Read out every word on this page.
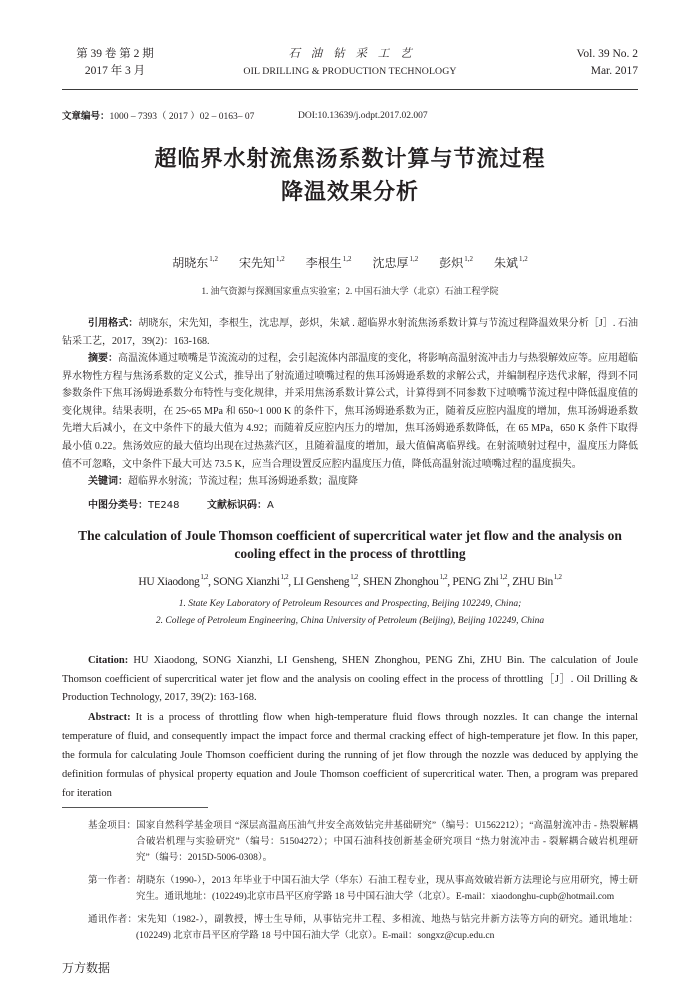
第 39 卷 第 2 期
2017 年 3 月
石 油 钻 采 工 艺
OIL DRILLING & PRODUCTION TECHNOLOGY
Vol. 39 No. 2
Mar. 2017
文章编号：1000 – 7393（ 2017 ）02 – 0163– 07	DOI:10.13639/j.odpt.2017.02.007
超临界水射流焦汤系数计算与节流过程
降温效果分析
胡晓东$^{1,2}$ 宋先知$^{1,2}$ 李根生$^{1,2}$ 沈忠厚$^{1,2}$ 彭炽$^{1,2}$ 朱斌$^{1,2}$
1. 油气资源与探测国家重点实验室；2. 中国石油大学（北京）石油工程学院

引用格式：胡晓东，宋先知，李根生，沈忠厚，彭炽，朱斌 . 超临界水射流焦汤系数计算与节流过程降温效果分析［J］. 石油钻采工艺，2017，39(2)：163-168.

摘要：高温流体通过喷嘴是节流流动的过程，会引起流体内部温度的变化，将影响高温射流冲击力与热裂解效应等。应用超临界水物性方程与焦汤系数的定义公式，推导出了射流通过喷嘴过程的焦耳汤姆逊系数的求解公式，并编制程序迭代求解，得到不同参数条件下焦耳汤姆逊系数分布特性与变化规律，并采用焦汤系数计算公式，计算得到不同参数下过喷嘴节流过程中降低温度值的变化规律。结果表明，在 25~65 MPa 和 650~1 000 K 的条件下，焦耳汤姆逊系数为正，随着反应腔内温度的增加，焦耳汤姆逊系数先增大后减小，在文中条件下的最大值为 4.92；而随着反应腔内压力的增加，焦耳汤姆逊系数降低，在 65 MPa，650 K 条件下取得最小值 0.22。焦汤效应的最大值均出现在过热蒸汽区，且随着温度的增加，最大值偏离临界线。在射流喷射过程中，温度压力降低值不可忽略，文中条件下最大可达 73.5 K，应当合理设置反应腔内温度压力值，降低高温射流过喷嘴过程的温度损失。

关键词：超临界水射流；节流过程；焦耳汤姆逊系数；温度降

中图分类号：TE248	文献标识码：A
The calculation of Joule Thomson coefficient of supercritical water jet flow and the analysis on cooling effect in the process of throttling
HU Xiaodong$^{1,2}$, SONG Xianzhi$^{1,2}$, LI Gensheng$^{1,2}$, SHEN Zhonghou$^{1,2}$, PENG Zhi$^{1,2}$, ZHU Bin$^{1,2}$
1. State Key Laboratory of Petroleum Resources and Prospecting, Beijing 102249, China;
2. College of Petroleum Engineering, China University of Petroleum (Beijing), Beijing 102249, China

Citation: HU Xiaodong, SONG Xianzhi, LI Gensheng, SHEN Zhonghou, PENG Zhi, ZHU Bin. The calculation of Joule Thomson coefficient of supercritical water jet flow and the analysis on cooling effect in the process of throttling［J］. Oil Drilling & Production Technology, 2017, 39(2): 163-168.

Abstract: It is a process of throttling flow when high-temperature fluid flows through nozzles. It can change the internal temperature of fluid, and consequently impact the impact force and thermal cracking effect of high-temperature jet flow. In this paper, the formula for calculating Joule Thomson coefficient during the running of jet flow through the nozzle was deduced by applying the definition formulas of physical property equation and Joule Thomson coefficient of supercritical water. Then, a program was prepared for iteration

基金项目：国家自然科学基金项目 “深层高温高压油气井安全高效钻完井基础研究”（编号：U1562212）；“高温射流冲击 - 热裂解耦合破岩机理与实验研究”（编号：51504272）；中国石油科技创新基金研究项目 “热力射流冲击 - 裂解耦合破岩机理研究”（编号：2015D-5006-0308）。

第一作者：胡晓东（1990-），2013 年毕业于中国石油大学（华东）石油工程专业，现从事高效破岩新方法理论与应用研究，博士研究生。通讯地址：(102249)北京市昌平区府学路 18 号中国石油大学（北京）。E-mail：xiaodonghu-cupb@hotmail.com

通讯作者：宋先知（1982-），副教授，博士生导师，从事钻完井工程、多相流、地热与钻完井新方法等方向的研究。通讯地址：(102249) 北京市昌平区府学路 18 号中国石油大学（北京）。E-mail：songxz@cup.edu.cn

万方数据
